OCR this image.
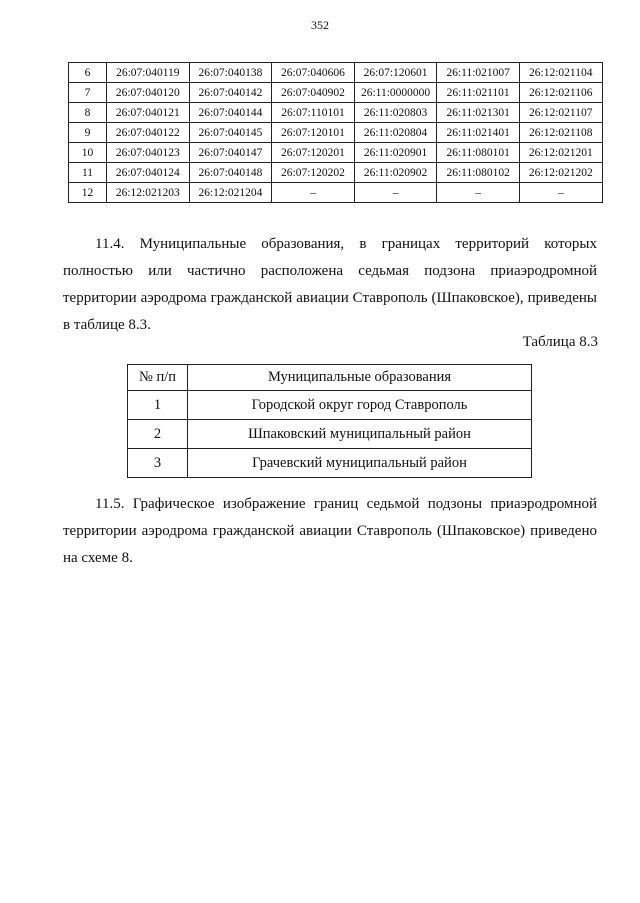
352
6	26:07:040119	26:07:040138	26:07:040606	26:07:120601	26:11:021007	26:12:021104
7	26:07:040120	26:07:040142	26:07:040902	26:11:0000000	26:11:021101	26:12:021106
8	26:07:040121	26:07:040144	26:07:110101	26:11:020803	26:11:021301	26:12:021107
9	26:07:040122	26:07:040145	26:07:120101	26:11:020804	26:11:021401	26:12:021108
10	26:07:040123	26:07:040147	26:07:120201	26:11:020901	26:11:080101	26:12:021201
11	26:07:040124	26:07:040148	26:07:120202	26:11:020902	26:11:080102	26:12:021202
12	26:12:021203	26:12:021204	–	–	–	–

11.4. Муниципальные образования, в границах территорий которых полностью или частично расположена седьмая подзона приаэродромной территории аэродрома гражданской авиации Ставрополь (Шпаковское), приведены в таблице 8.3.

Таблица 8.3
№ п/п	Муниципальные образования
1	Городской округ город Ставрополь
2	Шпаковский муниципальный район
3	Грачевский муниципальный район

11.5. Графическое изображение границ седьмой подзоны приаэродромной территории аэродрома гражданской авиации Ставрополь (Шпаковское) приведено на схеме 8.
